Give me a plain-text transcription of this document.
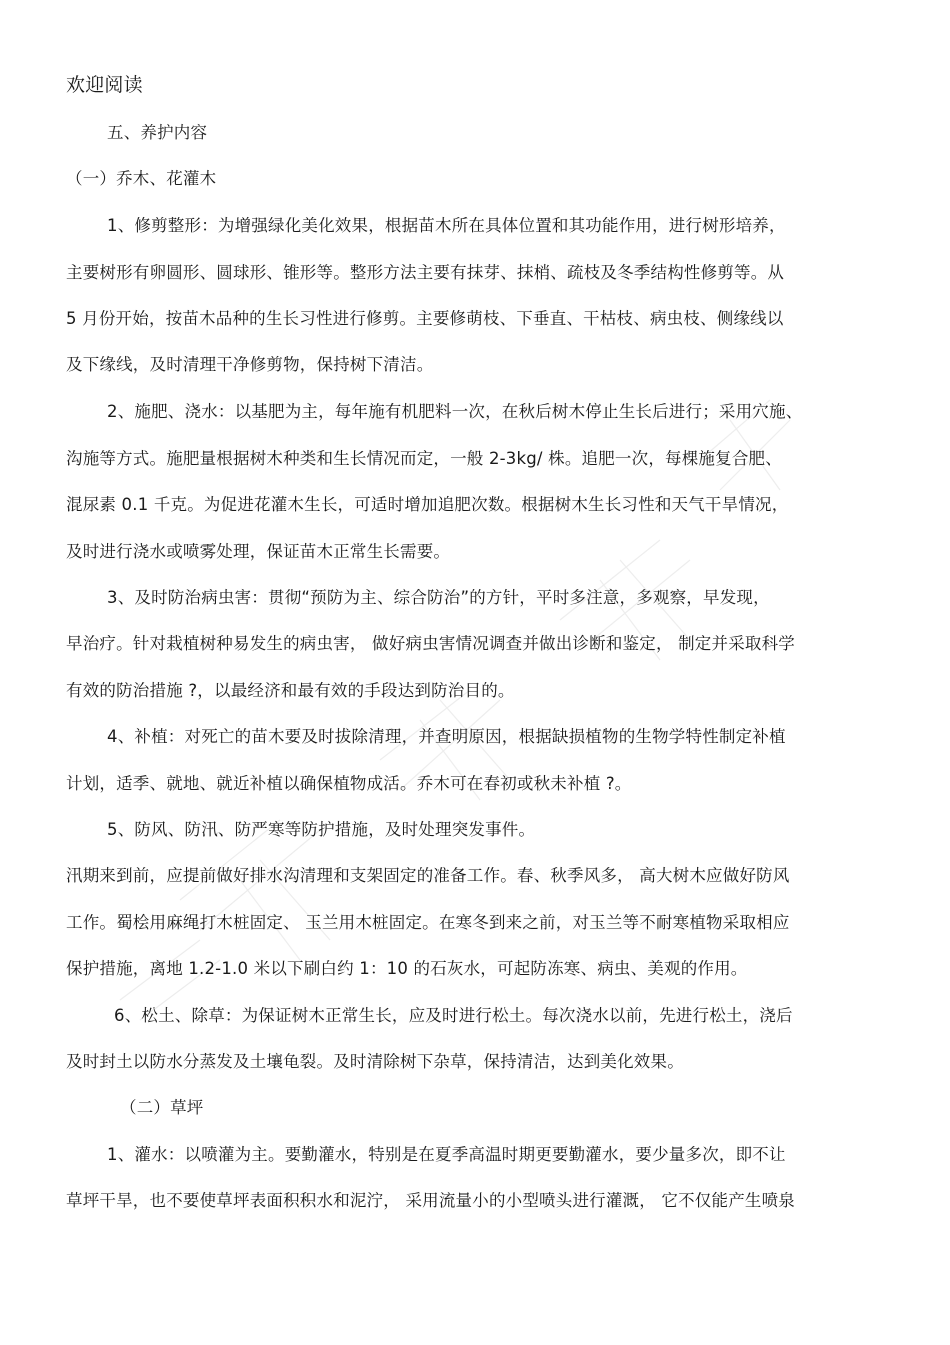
欢迎阅读
五、养护内容
（一）乔木、花灌木
1、修剪整形：为增强绿化美化效果，根据苗木所在具体位置和其功能作用，进行树形培养，
主要树形有卵圆形、圆球形、锥形等。整形方法主要有抹芽、抹梢、疏枝及冬季结构性修剪等。从
5 月份开始，按苗木品种的生长习性进行修剪。主要修萌枝、下垂直、干枯枝、病虫枝、侧缘线以
及下缘线，及时清理干净修剪物，保持树下清洁。
2、施肥、浇水：以基肥为主，每年施有机肥料一次，在秋后树木停止生长后进行；采用穴施、
沟施等方式。施肥量根据树木种类和生长情况而定，一般 2-3kg/ 株。追肥一次，每棵施复合肥、
混尿素 0.1 千克。为促进花灌木生长，可适时增加追肥次数。根据树木生长习性和天气干旱情况，
及时进行浇水或喷雾处理，保证苗木正常生长需要。
3、及时防治病虫害：贯彻“预防为主、综合防治”的方针，平时多注意，多观察，早发现，
早治疗。针对栽植树种易发生的病虫害， 做好病虫害情况调查并做出诊断和鉴定， 制定并采取科学
有效的防治措施 ?，以最经济和最有效的手段达到防治目的。
4、补植：对死亡的苗木要及时拔除清理，并查明原因，根据缺损植物的生物学特性制定补植
计划，适季、就地、就近补植以确保植物成活。乔木可在春初或秋未补植 ?。
5、防风、防汛、防严寒等防护措施，及时处理突发事件。
汛期来到前，应提前做好排水沟清理和支架固定的准备工作。春、秋季风多， 高大树木应做好防风
工作。蜀桧用麻绳打木桩固定、 玉兰用木桩固定。在寒冬到来之前，对玉兰等不耐寒植物采取相应
保护措施，离地 1.2-1.0 米以下刷白约 1：10 的石灰水，可起防冻寒、病虫、美观的作用。
6、松土、除草：为保证树木正常生长，应及时进行松土。每次浇水以前，先进行松土，浇后
及时封土以防水分蒸发及土壤龟裂。及时清除树下杂草，保持清洁，达到美化效果。
（二）草坪
1、灌水：以喷灌为主。要勤灌水，特别是在夏季高温时期更要勤灌水，要少量多次，即不让
草坪干旱，也不要使草坪表面积积水和泥泞， 采用流量小的小型喷头进行灌溉， 它不仅能产生喷泉
